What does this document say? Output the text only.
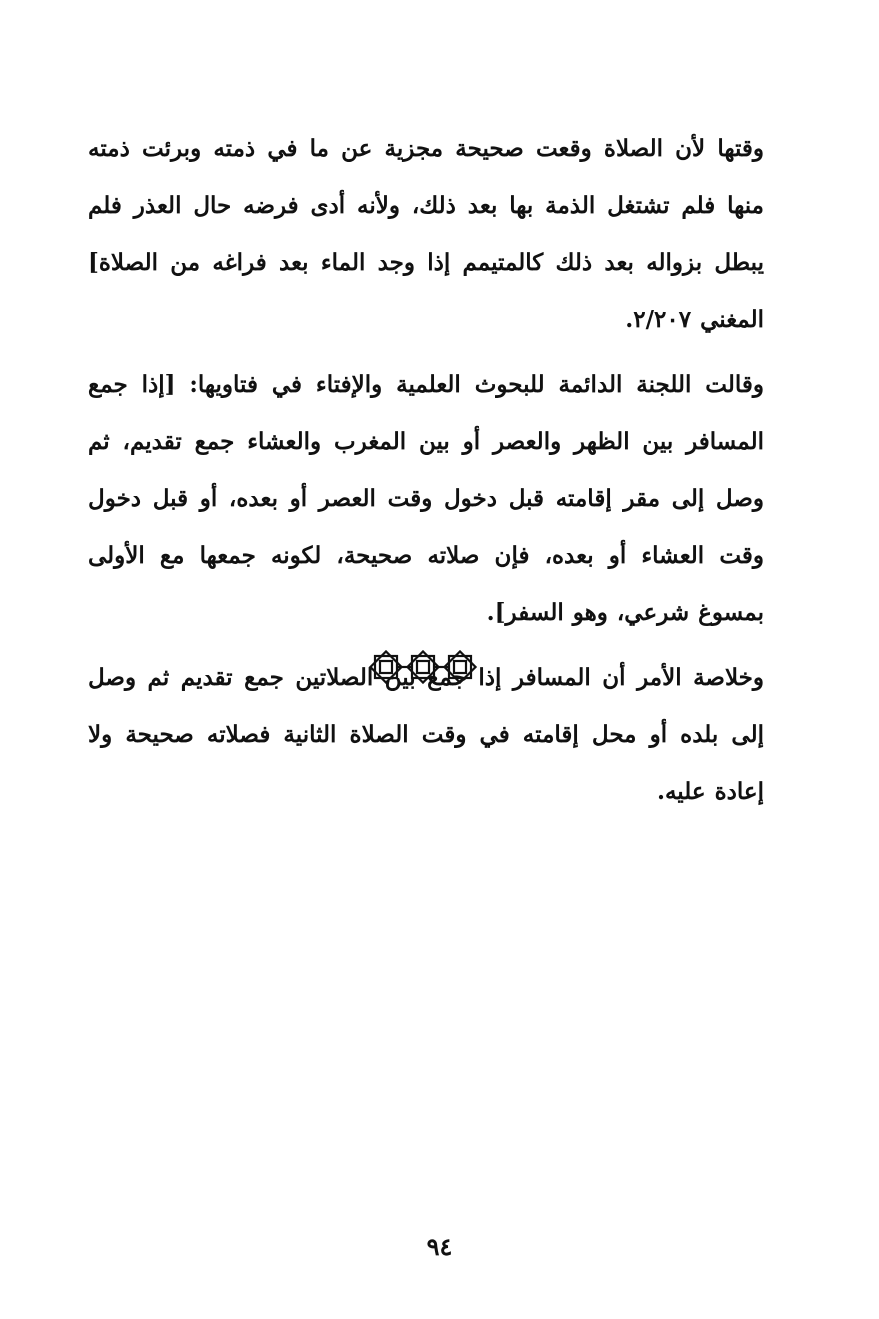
وقتها لأن الصلاة وقعت صحيحة مجزية عن ما في ذمته وبرئت ذمته منها فلم تشتغل الذمة بها بعد ذلك، ولأنه أدى فرضه حال العذر فلم يبطل بزواله بعد ذلك كالمتيمم إذا وجد الماء بعد فراغه من الصلاة] المغني ٢/٢٠٧.

وقالت اللجنة الدائمة للبحوث العلمية والإفتاء في فتاويها: [إذا جمع المسافر بين الظهر والعصر أو بين المغرب والعشاء جمع تقديم، ثم وصل إلى مقر إقامته قبل دخول وقت العصر أو بعده، أو قبل دخول وقت العشاء أو بعده، فإن صلاته صحيحة، لكونه جمعها مع الأولى بمسوغ شرعي، وهو السفر].

وخلاصة الأمر أن المسافر إذا جمع بين الصلاتين جمع تقديم ثم وصل إلى بلده أو محل إقامته في وقت الصلاة الثانية فصلاته صحيحة ولا إعادة عليه.

٩٤
